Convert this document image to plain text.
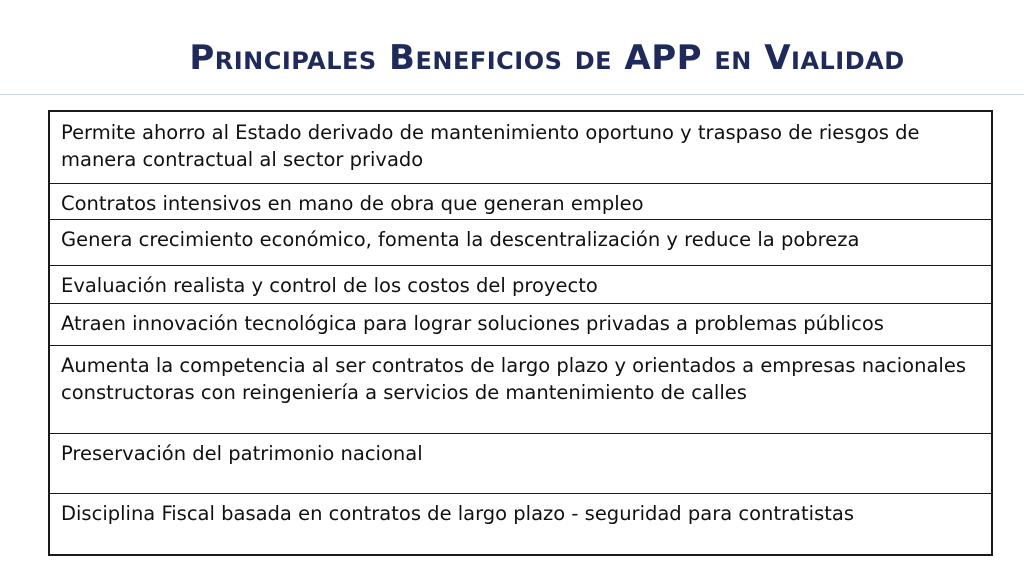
Principales Beneficios de APP en Vialidad
Permite ahorro al Estado derivado de mantenimiento oportuno y traspaso de riesgos de manera contractual al sector privado
Contratos intensivos en mano de obra que generan empleo
Genera crecimiento económico, fomenta la descentralización y reduce la pobreza
Evaluación realista y control de los costos del proyecto
Atraen innovación tecnológica para lograr soluciones privadas a problemas públicos
Aumenta la competencia al ser contratos de largo plazo y orientados a empresas nacionales constructoras con reingeniería a servicios de mantenimiento de calles
Preservación del patrimonio nacional
Disciplina Fiscal basada en contratos de largo plazo - seguridad para contratistas
